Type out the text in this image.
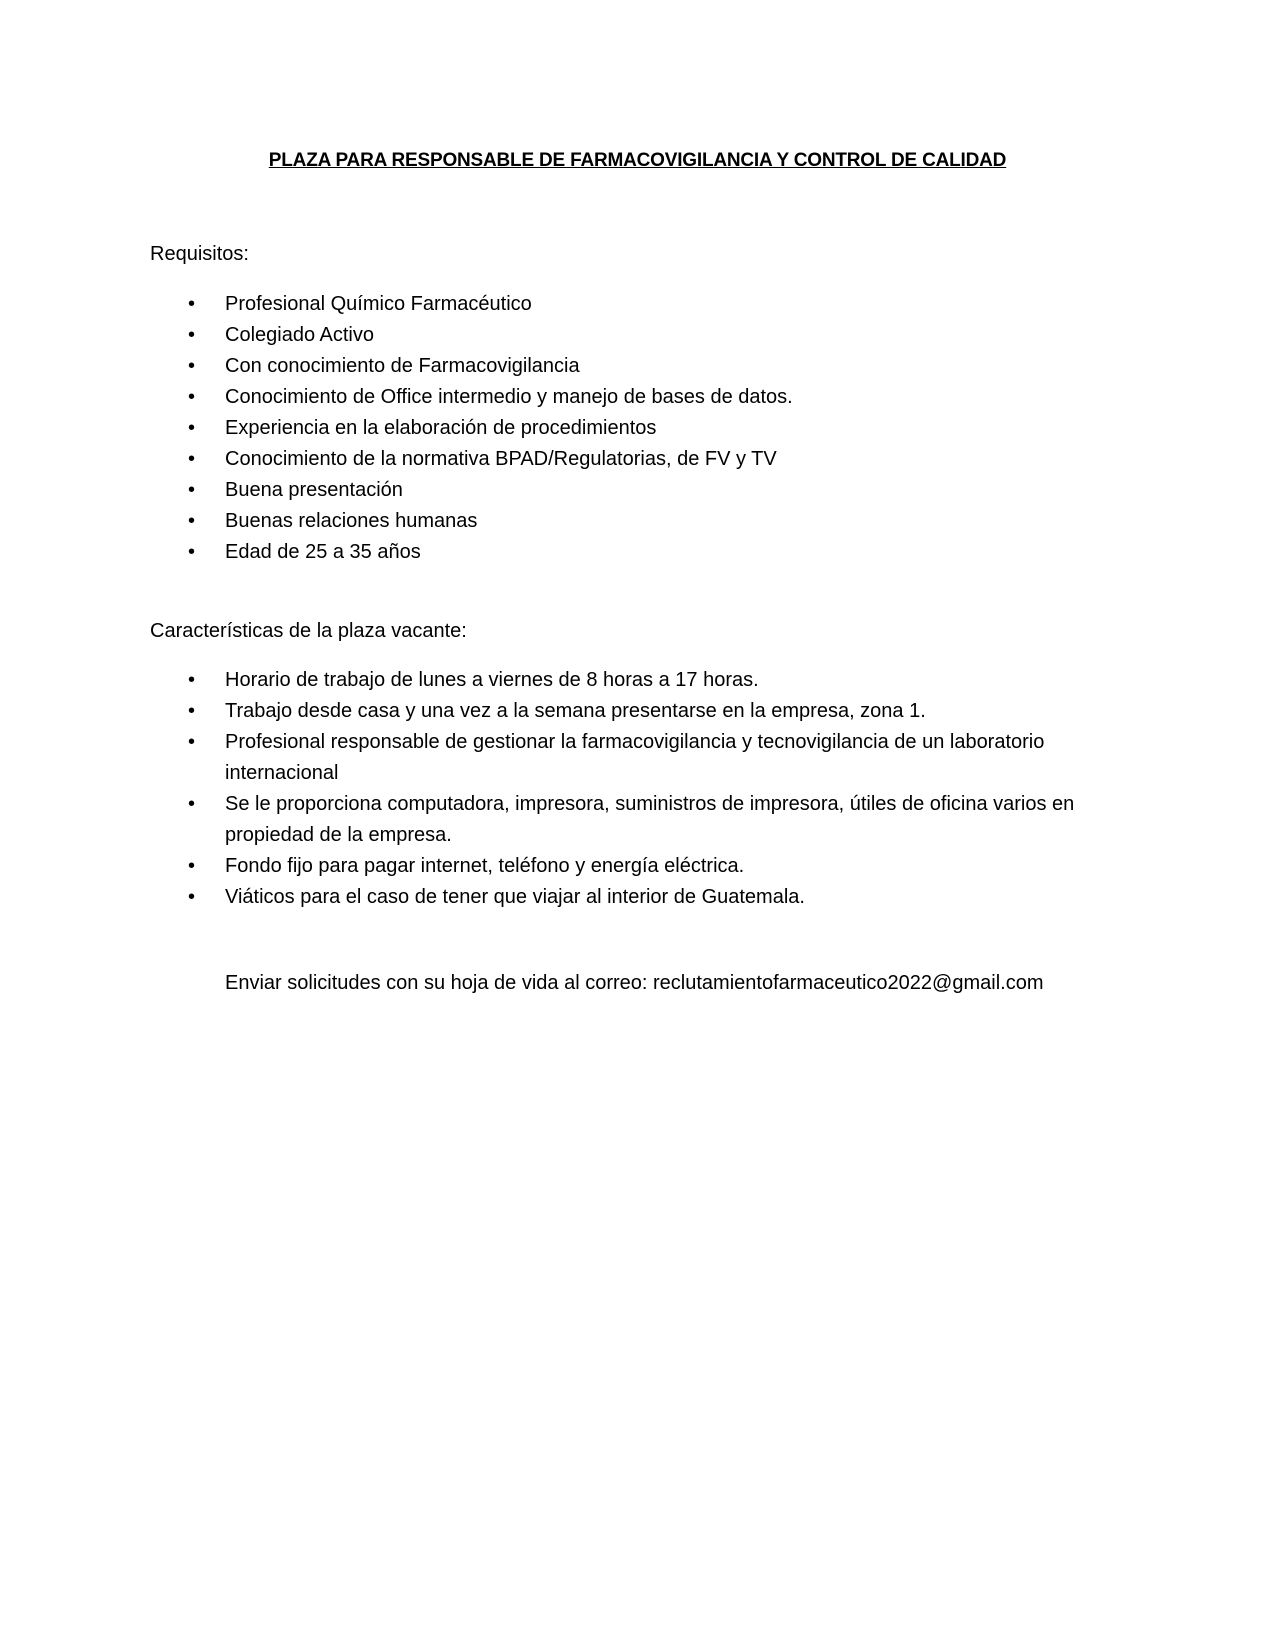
PLAZA PARA RESPONSABLE DE FARMACOVIGILANCIA Y CONTROL DE CALIDAD
Requisitos:
• Profesional Químico Farmacéutico
• Colegiado Activo
• Con conocimiento de Farmacovigilancia
• Conocimiento de Office intermedio y manejo de bases de datos.
• Experiencia en la elaboración de procedimientos
• Conocimiento de la normativa BPAD/Regulatorias, de FV y TV
• Buena presentación
• Buenas relaciones humanas
• Edad de 25 a 35 años
Características de la plaza vacante:
• Horario de trabajo de lunes a viernes de 8 horas a 17 horas.
• Trabajo desde casa y una vez a la semana presentarse en la empresa, zona 1.
• Profesional responsable de gestionar la farmacovigilancia y tecnovigilancia de un laboratorio internacional
• Se le proporciona computadora, impresora, suministros de impresora, útiles de oficina varios en propiedad de la empresa.
• Fondo fijo para pagar internet, teléfono y energía eléctrica.
• Viáticos para el caso de tener que viajar al interior de Guatemala.
Enviar solicitudes con su hoja de vida al correo: reclutamientofarmaceutico2022@gmail.com
